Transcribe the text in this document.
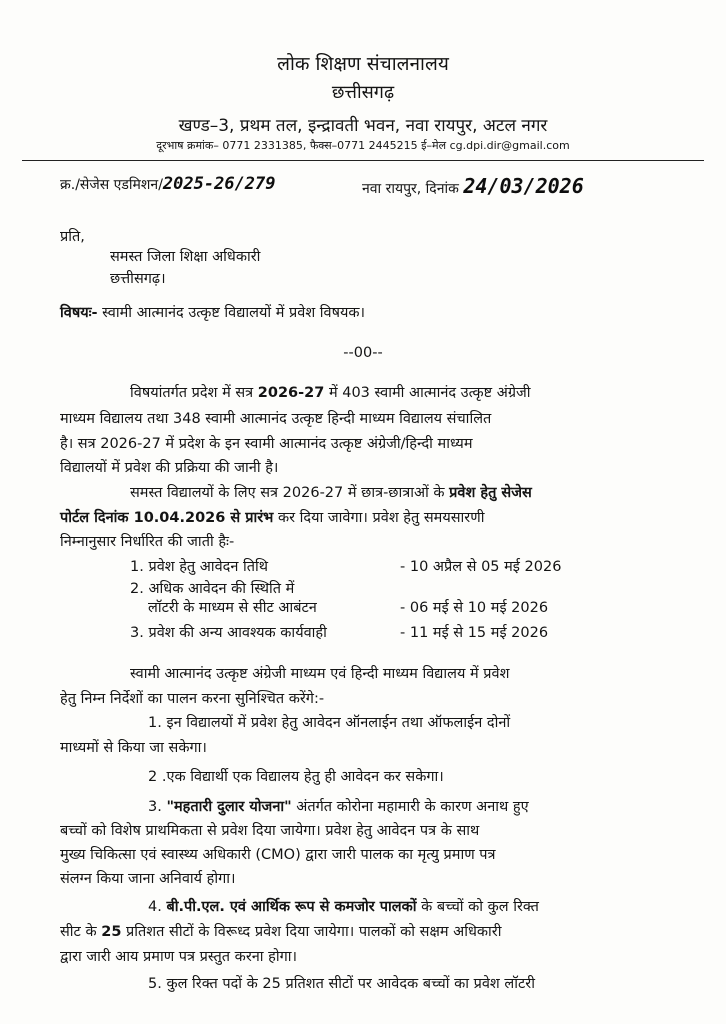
लोक शिक्षण संचालनालय
छत्तीसगढ़
खण्ड–3, प्रथम तल, इन्द्रावती भवन, नवा रायपुर, अटल नगर
दूरभाष क्रमांक– 0771 2331385, फैक्स–0771 2445215 ई–मेल cg.dpi.dir@gmail.com
क्र./सेजेस एडमिशन/2025-26/279	नवा रायपुर, दिनांक 24/03/2026
प्रति,
समस्त जिला शिक्षा अधिकारी
छत्तीसगढ़।
विषयः- स्वामी आत्मानंद उत्कृष्ट विद्यालयों में प्रवेश विषयक।
--00--
विषयांतर्गत प्रदेश में सत्र 2026-27 में 403 स्वामी आत्मानंद उत्कृष्ट अंग्रेजी
माध्यम विद्यालय तथा 348 स्वामी आत्मानंद उत्कृष्ट हिन्दी माध्यम विद्यालय संचालित
है। सत्र 2026-27 में प्रदेश के इन स्वामी आत्मानंद उत्कृष्ट अंग्रेजी/हिन्दी माध्यम
विद्यालयों में प्रवेश की प्रक्रिया की जानी है।
समस्त विद्यालयों के लिए सत्र 2026-27 में छात्र-छात्राओं के प्रवेश हेतु सेजेस
पोर्टल दिनांक 10.04.2026 से प्रारंभ कर दिया जावेगा। प्रवेश हेतु समयसारणी
निम्नानुसार निर्धारित की जाती हैः-
1. प्रवेश हेतु आवेदन तिथि	- 10 अप्रैल से 05 मई 2026
2. अधिक आवेदन की स्थिति में
लॉटरी के माध्यम से सीट आबंटन	- 06 मई से 10 मई 2026
3. प्रवेश की अन्य आवश्यक कार्यवाही	- 11 मई से 15 मई 2026
स्वामी आत्मानंद उत्कृष्ट अंग्रेजी माध्यम एवं हिन्दी माध्यम विद्यालय में प्रवेश
हेतु निम्न निर्देशों का पालन करना सुनिश्चित करेंगे:-
1. इन विद्यालयों में प्रवेश हेतु आवेदन ऑनलाईन तथा ऑफलाईन दोनों
माध्यमों से किया जा सकेगा।
2 .एक विद्यार्थी एक विद्यालय हेतु ही आवेदन कर सकेगा।
3. "महतारी दुलार योजना" अंतर्गत कोरोना महामारी के कारण अनाथ हुए
बच्चों को विशेष प्राथमिकता से प्रवेश दिया जायेगा। प्रवेश हेतु आवेदन पत्र के साथ
मुख्य चिकित्सा एवं स्वास्थ्य अधिकारी (CMO) द्वारा जारी पालक का मृत्यु प्रमाण पत्र
संलग्न किया जाना अनिवार्य होगा।
4. बी.पी.एल. एवं आर्थिक रूप से कमजोर पालकों के बच्चों को कुल रिक्त
सीट के 25 प्रतिशत सीटों के विरूध्द प्रवेश दिया जायेगा। पालकों को सक्षम अधिकारी
द्वारा जारी आय प्रमाण पत्र प्रस्तुत करना होगा।
5. कुल रिक्त पदों के 25 प्रतिशत सीटों पर आवेदक बच्चों का प्रवेश लॉटरी
